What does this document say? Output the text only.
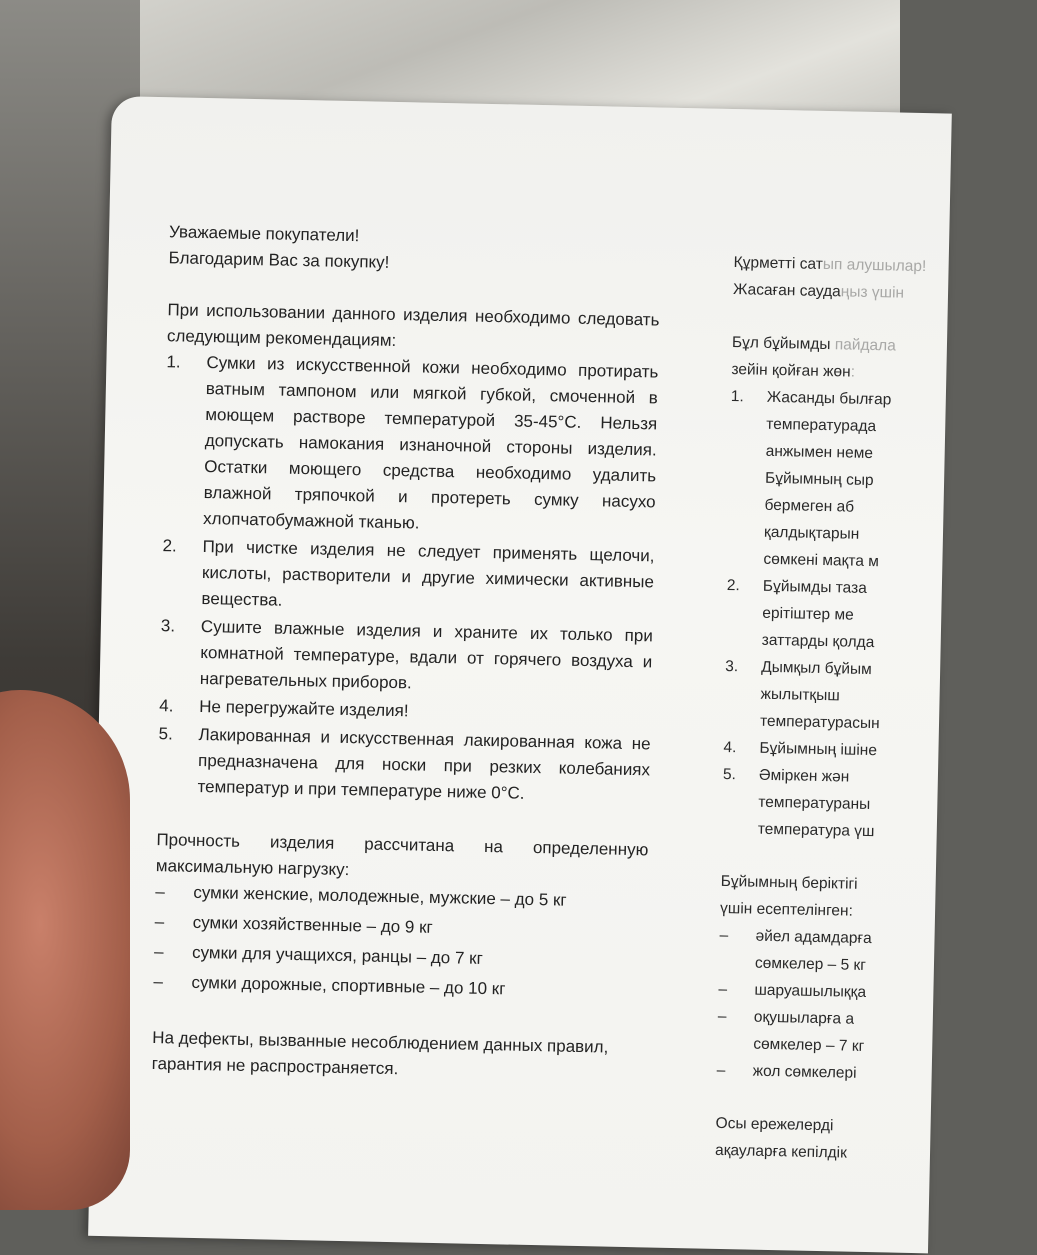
Уважаемые покупатели!

Благодарим Вас за покупку!

При использовании данного изделия необходимо следовать следующим рекомендациям:

1. Сумки из искусственной кожи необходимо протирать ватным тампоном или мягкой губкой, смоченной в моющем растворе температурой 35-45°C. Нельзя допускать намокания изнаночной стороны изделия. Остатки моющего средства необходимо удалить влажной тряпочкой и протереть сумку насухо хлопчатобумажной тканью.
2. При чистке изделия не следует применять щелочи, кислоты, растворители и другие химически активные вещества.
3. Сушите влажные изделия и храните их только при комнатной температуре, вдали от горячего воздуха и нагревательных приборов.
4. Не перегружайте изделия!
5. Лакированная и искусственная лакированная кожа не предназначена для носки при резких колебаниях температур и при температуре ниже 0°C.

Прочность изделия рассчитана на определенную максимальную нагрузку:

– сумки женские, молодежные, мужские – до 5 кг
– сумки хозяйственные – до 9 кг
– сумки для учащихся, ранцы – до 7 кг
– сумки дорожные, спортивные – до 10 кг

На дефекты, вызванные несоблюдением данных правил, гарантия не распространяется.

Құрметті сатып алушылар!

Жасаған саудаңыз үшін

Бұл бұйымды пайдала

зейін қойған жөн:

1. Жасанды былғар
температурада
анжымен неме
Бұйымның сыр
бермеген аб
қалдықтарын
сөмкені мақта м
2. Бұйымды таза
ерітіштер ме
заттарды қолда
3. Дымқыл бұйым
жылытқыш
температурасын
4. Бұйымның ішіне
5. Әміркен жән
температураны
температура үш

Бұйымның беріктігі

үшін есептелінген:

– әйел адамдарға
сөмкелер – 5 кг
– шаруашылыққа
– оқушыларға а
сөмкелер – 7 кг
– жол сөмкелері

Осы ережелерді

ақауларға кепілдік
